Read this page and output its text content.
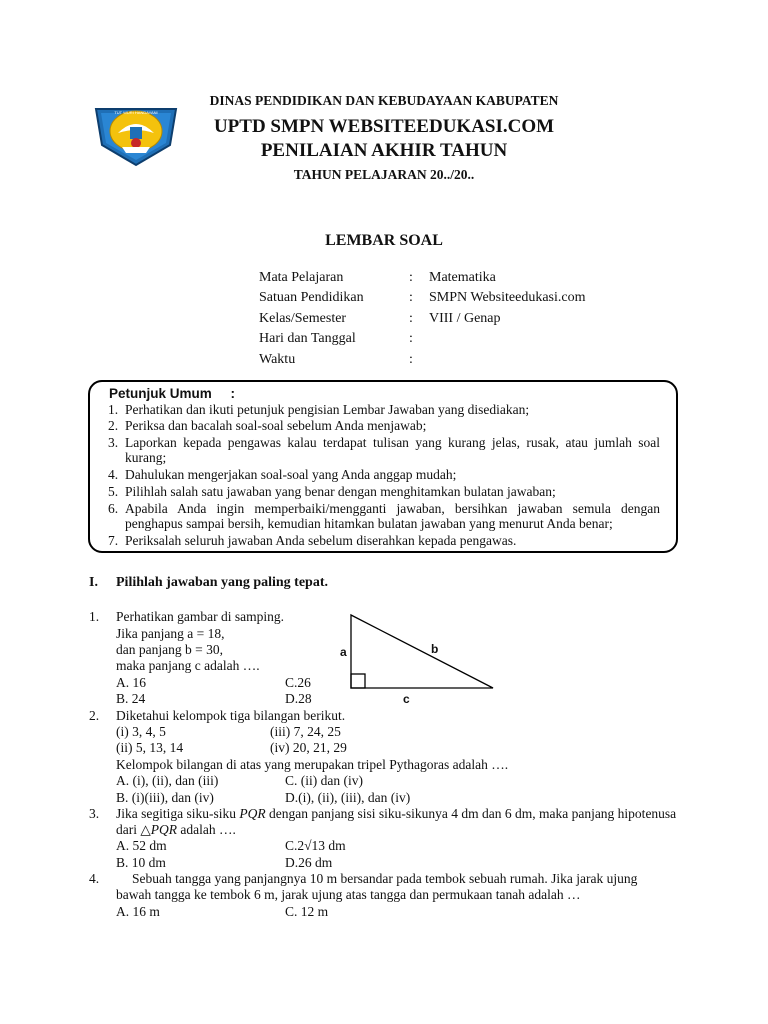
TUT WURI HANDAYANI
DINAS PENDIDIKAN DAN KEBUDAYAAN KABUPATEN
UPTD SMPN WEBSITEEDUKASI.COM
PENILAIAN AKHIR TAHUN
TAHUN PELAJARAN 20../20..
LEMBAR SOAL
Mata Pelajaran	: Matematika
Satuan Pendidikan	: SMPN Websiteedukasi.com
Kelas/Semester	: VIII / Genap
Hari dan Tanggal	:
Waktu	:
Petunjuk Umum     :
1. Perhatikan dan ikuti petunjuk pengisian Lembar Jawaban yang disediakan;
2. Periksa dan bacalah soal-soal sebelum Anda menjawab;
3. Laporkan kepada pengawas kalau terdapat tulisan yang kurang jelas, rusak, atau jumlah soal kurang;
4. Dahulukan mengerjakan soal-soal yang Anda anggap mudah;
5. Pilihlah salah satu jawaban yang benar dengan menghitamkan bulatan jawaban;
6. Apabila Anda ingin memperbaiki/mengganti jawaban, bersihkan jawaban semula dengan penghapus sampai bersih, kemudian hitamkan bulatan jawaban yang menurut Anda benar;
7. Periksalah seluruh jawaban Anda sebelum diserahkan kepada pengawas.
I. Pilihlah jawaban yang paling tepat.
1. Perhatikan gambar di samping.
Jika panjang a = 18,
dan panjang b = 30,
maka panjang c adalah ….
A. 16	C.26
B. 24	D.28
a	b
c
2. Diketahui kelompok tiga bilangan berikut.
(i) 3, 4, 5	(iii) 7, 24, 25
(ii) 5, 13, 14	(iv) 20, 21, 29
Kelompok bilangan di atas yang merupakan tripel Pythagoras adalah ….
A. (i), (ii), dan (iii)	C. (ii) dan (iv)
B. (i)(iii), dan (iv)	D.(i), (ii), (iii), dan (iv)
3. Jika segitiga siku-siku PQR dengan panjang sisi siku-sikunya 4 dm dan 6 dm, maka panjang hipotenusa
dari △PQR adalah ….
A. 52 dm	C.2√13 dm
B. 10 dm	D.26 dm
4. Sebuah tangga yang panjangnya 10 m bersandar pada tembok sebuah rumah. Jika jarak ujung
bawah tangga ke tembok 6 m, jarak ujung atas tangga dan permukaan tanah adalah …
A. 16 m	C. 12 m
